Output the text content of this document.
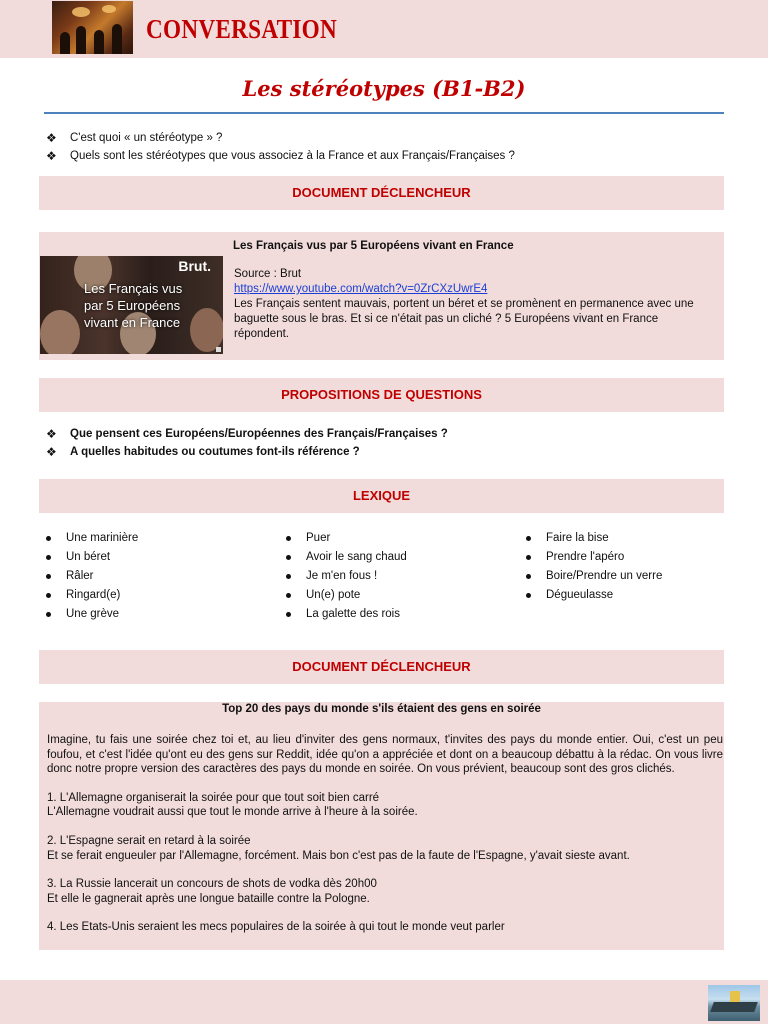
CONVERSATION
Les stéréotypes (B1-B2)
❖ C'est quoi « un stéréotype » ?
❖ Quels sont les stéréotypes que vous associez à la France et aux Français/Françaises ?
DOCUMENT DÉCLENCHEUR
Brut.
Les Français vus
par 5 Européens
vivant en France
Les Français vus par 5 Européens vivant en France
Source : Brut
https://www.youtube.com/watch?v=0ZrCXzUwrE4
Les Français sentent mauvais, portent un béret et se promènent en permanence avec une baguette sous le bras. Et si ce n'était pas un cliché ? 5 Européens vivant en France répondent.
PROPOSITIONS DE QUESTIONS
❖ Que pensent ces Européens/Européennes des Français/Françaises ?
❖ A quelles habitudes ou coutumes font-ils référence ?
LEXIQUE
Une marinière
Un béret
Râler
Ringard(e)
Une grève
Puer
Avoir le sang chaud
Je m'en fous !
Un(e) pote
La galette des rois
Faire la bise
Prendre l'apéro
Boire/Prendre un verre
Dégueulasse
DOCUMENT DÉCLENCHEUR
Top 20 des pays du monde s'ils étaient des gens en soirée

Imagine, tu fais une soirée chez toi et, au lieu d'inviter des gens normaux, t'invites des pays du monde entier. Oui, c'est un peu foufou, et c'est l'idée qu'ont eu des gens sur Reddit, idée qu'on a appréciée et dont on a beaucoup débattu à la rédac. On vous livre donc notre propre version des caractères des pays du monde en soirée. On vous prévient, beaucoup sont des gros clichés.

1. L'Allemagne organiserait la soirée pour que tout soit bien carré

L'Allemagne voudrait aussi que tout le monde arrive à l'heure à la soirée.

2. L'Espagne serait en retard à la soirée

Et se ferait engueuler par l'Allemagne, forcément. Mais bon c'est pas de la faute de l'Espagne, y'avait sieste avant.

3. La Russie lancerait un concours de shots de vodka dès 20h00

Et elle le gagnerait après une longue bataille contre la Pologne.

4. Les Etats-Unis seraient les mecs populaires de la soirée à qui tout le monde veut parler
